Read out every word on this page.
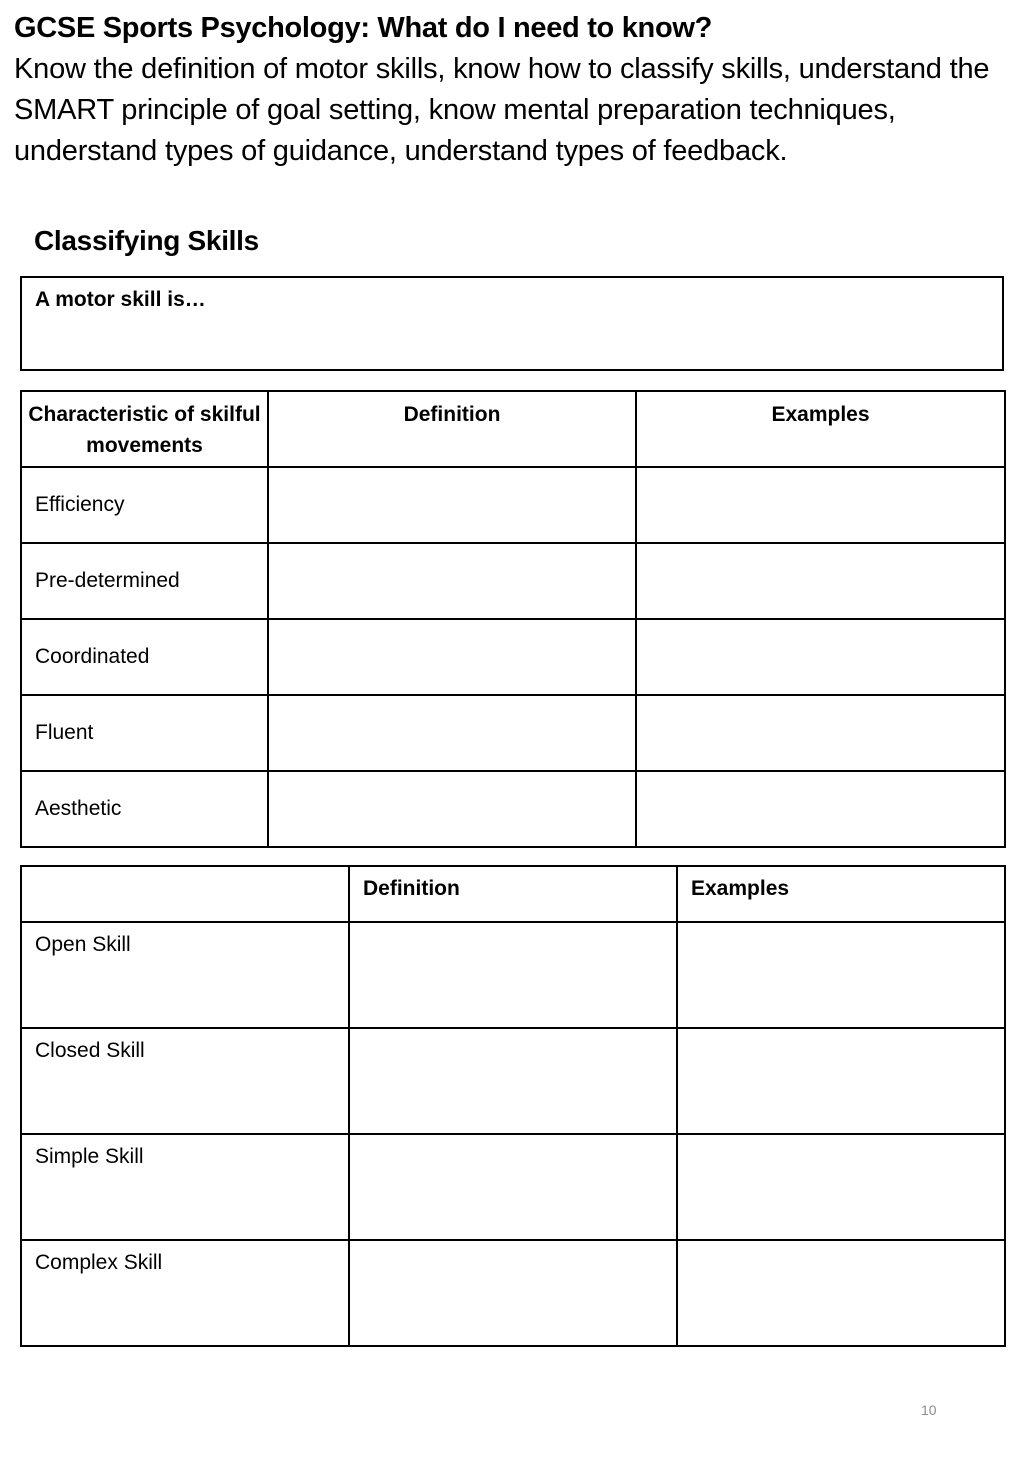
GCSE Sports Psychology: What do I need to know?
Know the definition of motor skills, know how to classify skills, understand the SMART principle of goal setting, know mental preparation techniques, understand types of guidance, understand types of feedback.
Classifying Skills
A motor skill is…
Characteristic of skilful movements	Definition	Examples
Efficiency		
Pre-determined		
Coordinated		
Fluent		
Aesthetic		
	Definition	Examples
Open Skill		
Closed Skill		
Simple Skill		
Complex Skill		
10
